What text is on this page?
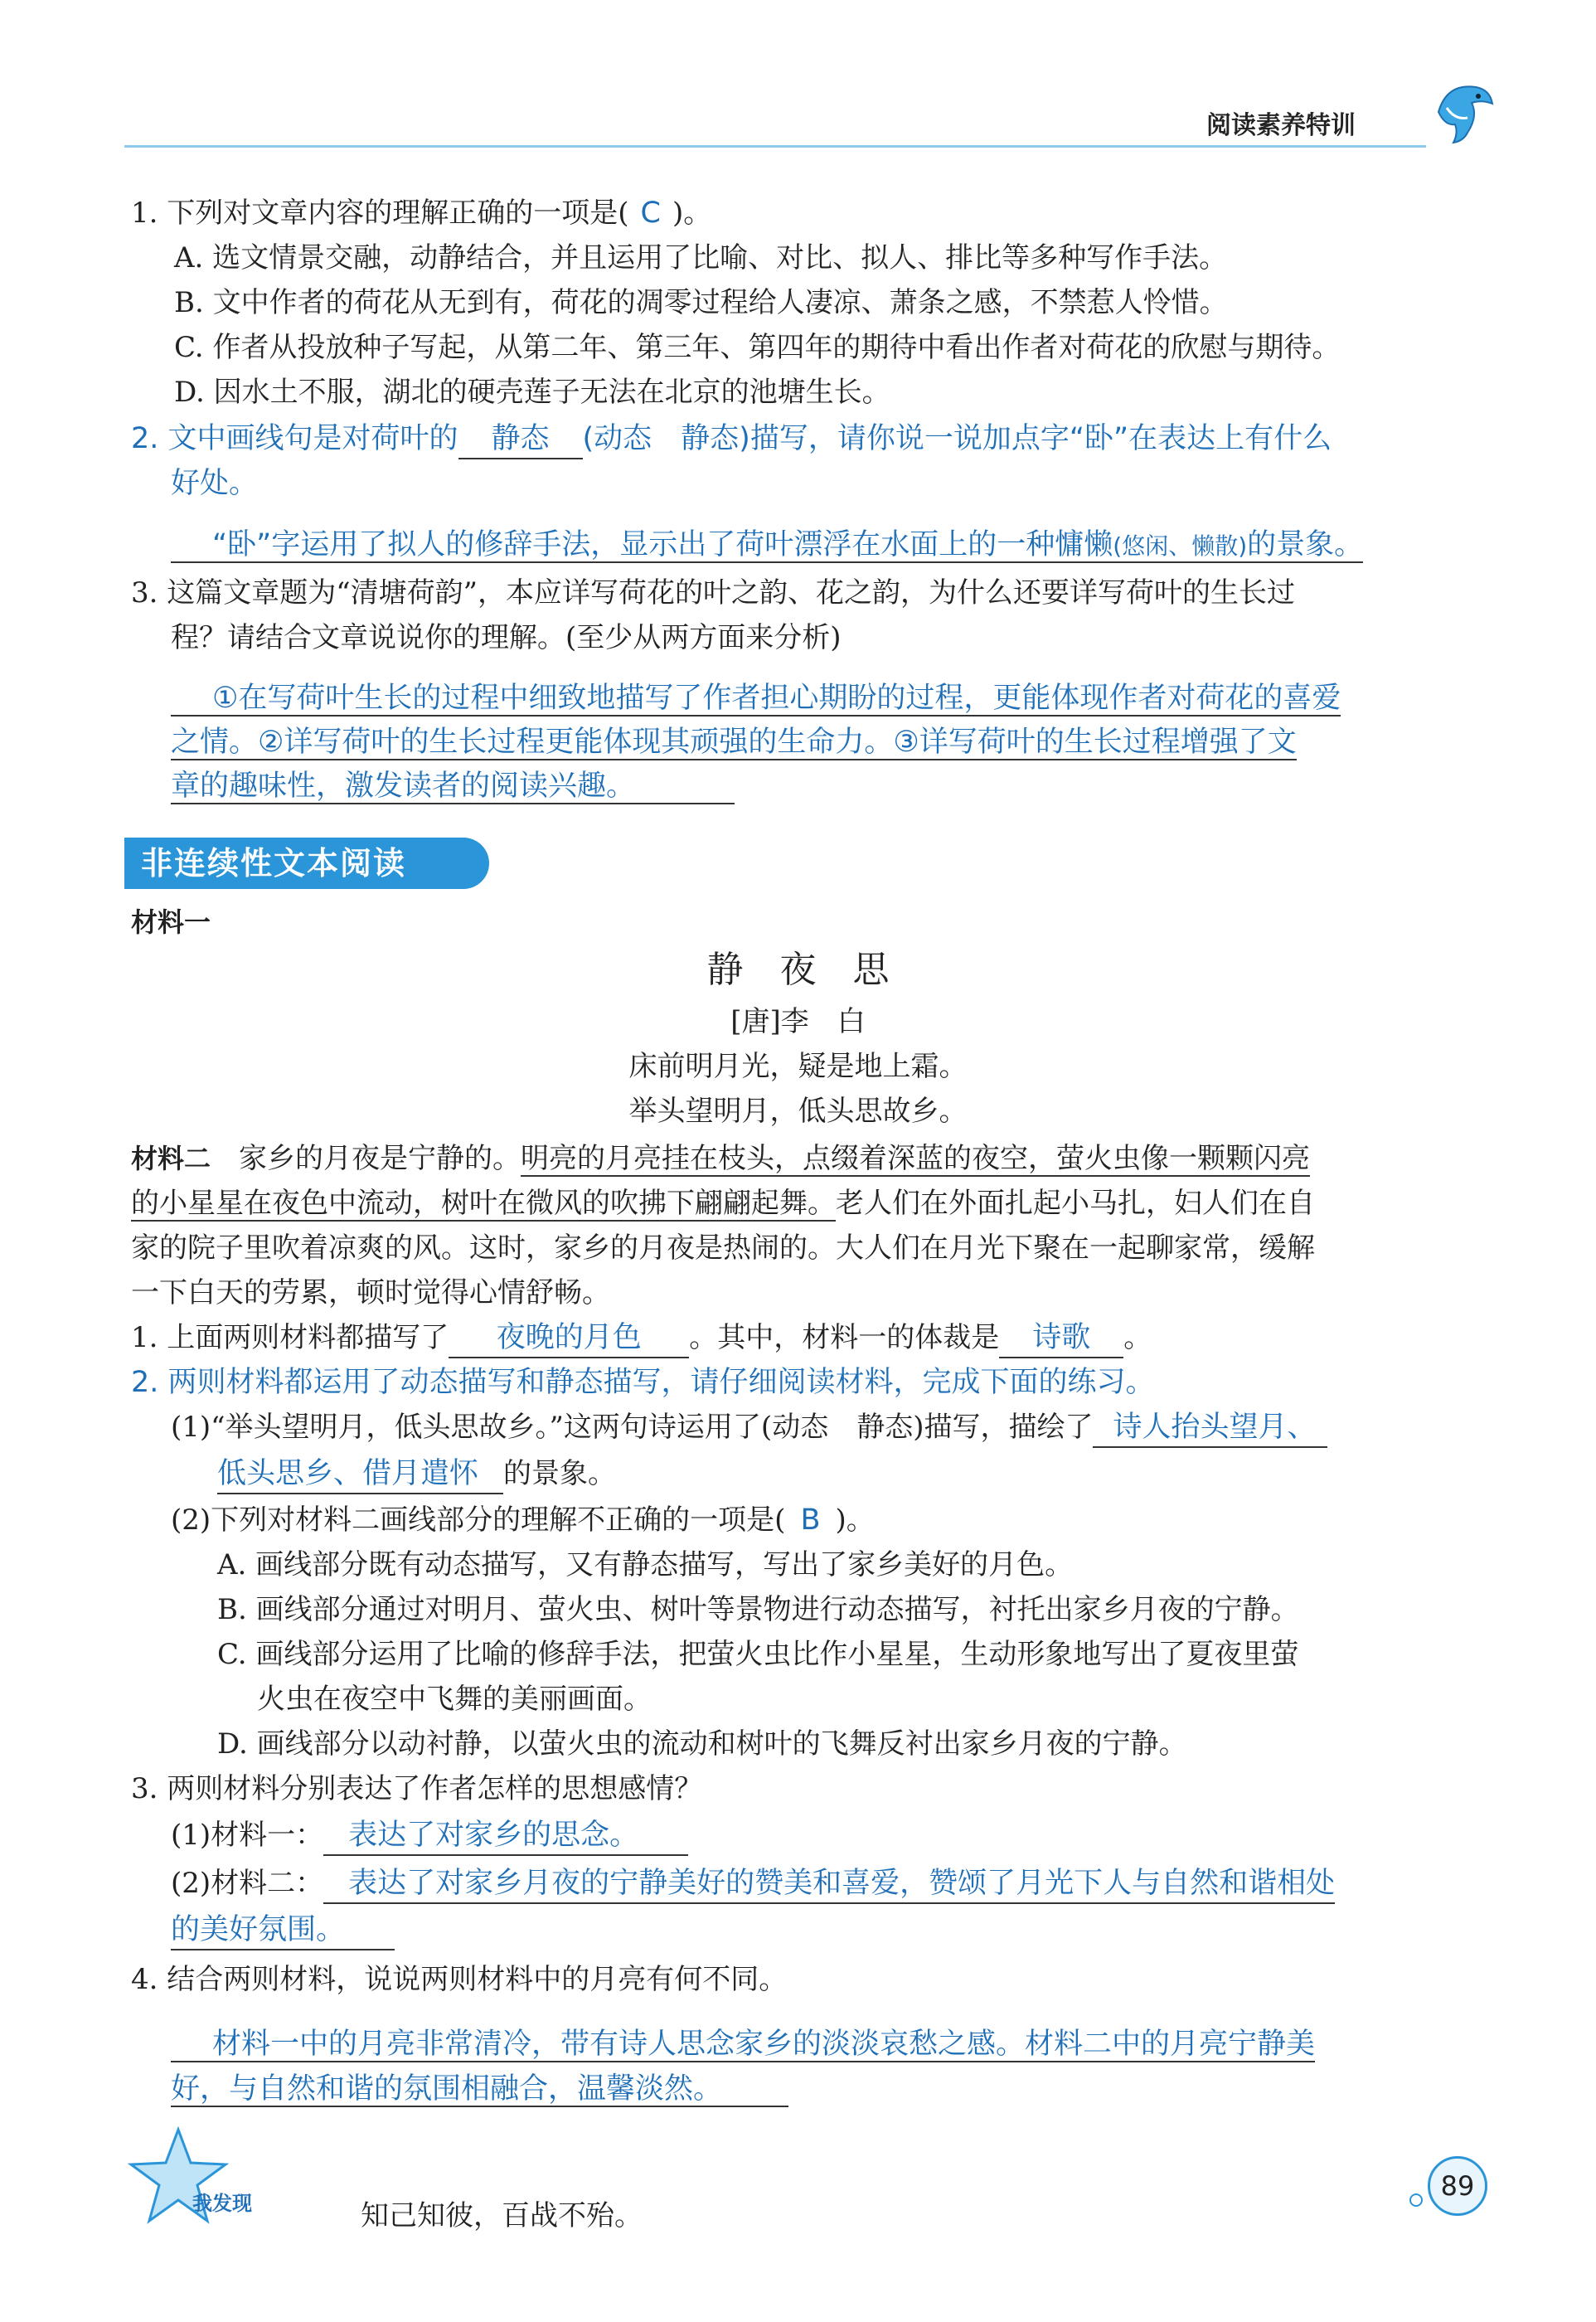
阅读素养特训
1. 下列对文章内容的理解正确的一项是( C )。
A. 选文情景交融，动静结合，并且运用了比喻、对比、拟人、排比等多种写作手法。
B. 文中作者的荷花从无到有，荷花的凋零过程给人凄凉、萧条之感，不禁惹人怜惜。
C. 作者从投放种子写起，从第二年、第三年、第四年的期待中看出作者对荷花的欣慰与期待。
D. 因水土不服，湖北的硬壳莲子无法在北京的池塘生长。
2. 文中画线句是对荷叶的 静态 (动态　静态)描写，请你说一说加点字“卧”在表达上有什么
好处。
“卧”字运用了拟人的修辞手法，显示出了荷叶漂浮在水面上的一种慵懒(悠闲、懒散)的景象。
3. 这篇文章题为“清塘荷韵”，本应详写荷花的叶之韵、花之韵，为什么还要详写荷叶的生长过
程？请结合文章说说你的理解。(至少从两方面来分析)
①在写荷叶生长的过程中细致地描写了作者担心期盼的过程，更能体现作者对荷花的喜爱
之情。②详写荷叶的生长过程更能体现其顽强的生命力。③详写荷叶的生长过程增强了文
章的趣味性，激发读者的阅读兴趣。
非连续性文本阅读
材料一
静　夜　思
[唐]李　白
床前明月光，疑是地上霜。
举头望明月，低头思故乡。
材料二　家乡的月夜是宁静的。明亮的月亮挂在枝头，点缀着深蓝的夜空，萤火虫像一颗颗闪亮
的小星星在夜色中流动，树叶在微风的吹拂下翩翩起舞。老人们在外面扎起小马扎，妇人们在自
家的院子里吹着凉爽的风。这时，家乡的月夜是热闹的。大人们在月光下聚在一起聊家常，缓解
一下白天的劳累，顿时觉得心情舒畅。
1. 上面两则材料都描写了 夜晚的月色 。其中，材料一的体裁是 诗歌 。
2. 两则材料都运用了动态描写和静态描写，请仔细阅读材料，完成下面的练习。
(1)“举头望明月，低头思故乡。”这两句诗运用了(动态　静态)描写，描绘了 诗人抬头望月、
低头思乡、借月遣怀 的景象。
(2)下列对材料二画线部分的理解不正确的一项是( B )。
A. 画线部分既有动态描写，又有静态描写，写出了家乡美好的月色。
B. 画线部分通过对明月、萤火虫、树叶等景物进行动态描写，衬托出家乡月夜的宁静。
C. 画线部分运用了比喻的修辞手法，把萤火虫比作小星星，生动形象地写出了夏夜里萤
火虫在夜空中飞舞的美丽画面。
D. 画线部分以动衬静，以萤火虫的流动和树叶的飞舞反衬出家乡月夜的宁静。
3. 两则材料分别表达了作者怎样的思想感情？
(1)材料一： 表达了对家乡的思念。
(2)材料二： 表达了对家乡月夜的宁静美好的赞美和喜爱，赞颂了月光下人与自然和谐相处
的美好氛围。
4. 结合两则材料，说说两则材料中的月亮有何不同。
材料一中的月亮非常清冷，带有诗人思念家乡的淡淡哀愁之感。材料二中的月亮宁静美
好，与自然和谐的氛围相融合，温馨淡然。
我发现	知己知彼，百战不殆。
89
